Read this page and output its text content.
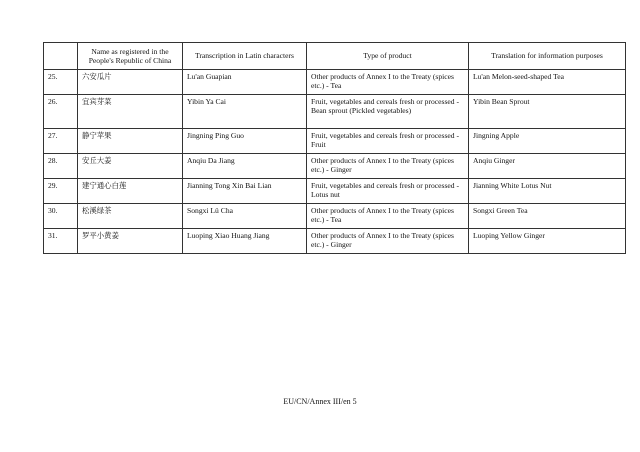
	Name as registered in the People's Republic of China	Transcription in Latin characters	Type of product	Translation for information purposes
25.	六安瓜片	Lu'an Guapian	Other products of Annex I to the Treaty (spices etc.) - Tea	Lu'an Melon-seed-shaped Tea
26.	宜宾芽菜	Yibin Ya Cai	Fruit, vegetables and cereals fresh or processed - Bean sprout (Pickled vegetables)	Yibin Bean Sprout
27.	静宁苹果	Jingning Ping Guo	Fruit, vegetables and cereals fresh or processed - Fruit	Jingning Apple
28.	安丘大姜	Anqiu Da Jiang	Other products of Annex I to the Treaty (spices etc.) - Ginger	Anqiu Ginger
29.	建宁通心白莲	Jianning Tong Xin Bai Lian	Fruit, vegetables and cereals fresh or processed - Lotus nut	Jianning White Lotus Nut
30.	松溪绿茶	Songxi Lü Cha	Other products of Annex I to the Treaty (spices etc.) - Tea	Songxi Green Tea
31.	罗平小黄姜	Luoping Xiao Huang Jiang	Other products of Annex I to the Treaty (spices etc.) - Ginger	Luoping Yellow Ginger
EU/CN/Annex III/en 5
